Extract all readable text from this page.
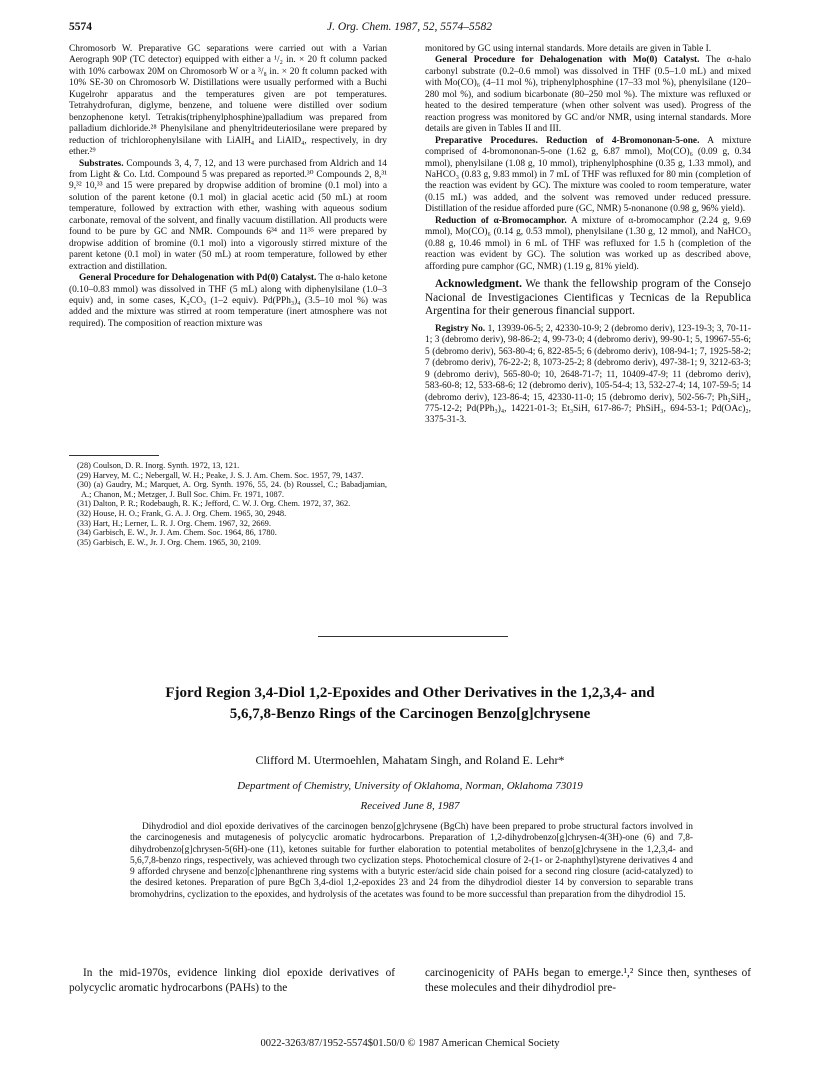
5574	J. Org. Chem. 1987, 52, 5574–5582

Chromosorb W. Preparative GC separations were carried out with a Varian Aerograph 90P (TC detector) equipped with either a ¹/₂ in. × 20 ft column packed with 10% carbowax 20M on Chromosorb W or a ³/₈ in. × 20 ft column packed with 10% SE-30 on Chromosorb W. Distillations were usually performed with a Buchi Kugelrohr apparatus and the temperatures given are pot temperatures. Tetrahydrofuran, diglyme, benzene, and toluene were distilled over sodium benzophenone ketyl. Tetrakis(triphenylphosphine)palladium was prepared from palladium dichloride.²⁸ Phenylsilane and phenyltrideuteriosilane were prepared by reduction of trichlorophenylsilane with LiAlH₄ and LiAlD₄, respectively, in dry ether.²⁹

Substrates. Compounds 3, 4, 7, 12, and 13 were purchased from Aldrich and 14 from Light & Co. Ltd. Compound 5 was prepared as reported.³⁰ Compounds 2, 8,³¹ 9,³² 10,³³ and 15 were prepared by dropwise addition of bromine (0.1 mol) into a solution of the parent ketone (0.1 mol) in glacial acetic acid (50 mL) at room temperature, followed by extraction with ether, washing with aqueous sodium carbonate, removal of the solvent, and finally vacuum distillation. All products were found to be pure by GC and NMR. Compounds 6³⁴ and 11³⁵ were prepared by dropwise addition of bromine (0.1 mol) into a vigorously stirred mixture of the parent ketone (0.1 mol) in water (50 mL) at room temperature, followed by ether extraction and distillation.

General Procedure for Dehalogenation with Pd(0) Catalyst. The α-halo ketone (0.10–0.83 mmol) was dissolved in THF (5 mL) along with diphenylsilane (1.0–3 equiv) and, in some cases, K₂CO₃ (1–2 equiv). Pd(PPh₃)₄ (3.5–10 mol %) was added and the mixture was stirred at room temperature (inert atmosphere was not required). The composition of reaction mixture was

monitored by GC using internal standards. More details are given in Table I.

General Procedure for Dehalogenation with Mo(0) Catalyst. The α-halo carbonyl substrate (0.2–0.6 mmol) was dissolved in THF (0.5–1.0 mL) and mixed with Mo(CO)₆ (4–11 mol %), triphenylphosphine (17–33 mol %), phenylsilane (120–280 mol %), and sodium bicarbonate (80–250 mol %). The mixture was refluxed or heated to the desired temperature (when other solvent was used). Progress of the reaction progress was monitored by GC and/or NMR, using internal standards. More details are given in Tables II and III.

Preparative Procedures. Reduction of 4-Bromononan-5-one. A mixture comprised of 4-bromononan-5-one (1.62 g, 6.87 mmol), Mo(CO)₆ (0.09 g, 0.34 mmol), phenylsilane (1.08 g, 10 mmol), triphenylphosphine (0.35 g, 1.33 mmol), and NaHCO₃ (0.83 g, 9.83 mmol) in 7 mL of THF was refluxed for 80 min (completion of the reaction was evident by GC). The mixture was cooled to room temperature, water (0.15 mL) was added, and the solvent was removed under reduced pressure. Distillation of the residue afforded pure (GC, NMR) 5-nonanone (0.98 g, 96% yield).

Reduction of α-Bromocamphor. A mixture of α-bromocamphor (2.24 g, 9.69 mmol), Mo(CO)₆ (0.14 g, 0.53 mmol), phenylsilane (1.30 g, 12 mmol), and NaHCO₃ (0.88 g, 10.46 mmol) in 6 mL of THF was refluxed for 1.5 h (completion of the reaction was evident by GC). The solution was worked up as described above, affording pure camphor (GC, NMR) (1.19 g, 81% yield).

Acknowledgment. We thank the fellowship program of the Consejo Nacional de Investigaciones Cientificas y Tecnicas de la Republica Argentina for their generous financial support.

Registry No. 1, 13939-06-5; 2, 42330-10-9; 2 (debromo deriv), 123-19-3; 3, 70-11-1; 3 (debromo deriv), 98-86-2; 4, 99-73-0; 4 (debromo deriv), 99-90-1; 5, 19967-55-6; 5 (debromo deriv), 563-80-4; 6, 822-85-5; 6 (debromo deriv), 108-94-1; 7, 1925-58-2; 7 (debromo deriv), 76-22-2; 8, 1073-25-2; 8 (debromo deriv), 497-38-1; 9, 3212-63-3; 9 (debromo deriv), 565-80-0; 10, 2648-71-7; 11, 10409-47-9; 11 (debromo deriv), 583-60-8; 12, 533-68-6; 12 (debromo deriv), 105-54-4; 13, 532-27-4; 14, 107-59-5; 14 (debromo deriv), 123-86-4; 15, 42330-11-0; 15 (debromo deriv), 502-56-7; Ph₂SiH₂, 775-12-2; Pd(PPh₃)₄, 14221-01-3; Et₃SiH, 617-86-7; PhSiH₃, 694-53-1; Pd(OAc)₂, 3375-31-3.

(28) Coulson, D. R. Inorg. Synth. 1972, 13, 121.
(29) Harvey, M. C.; Nebergall, W. H.; Peake, J. S. J. Am. Chem. Soc. 1957, 79, 1437.
(30) (a) Gaudry, M.; Marquet, A. Org. Synth. 1976, 55, 24. (b) Roussel, C.; Babadjamian, A.; Chanon, M.; Metzger, J. Bull Soc. Chim. Fr. 1971, 1087.
(31) Dalton, P. R.; Rodebaugh, R. K.; Jefford, C. W. J. Org. Chem. 1972, 37, 362.
(32) House, H. O.; Frank, G. A. J. Org. Chem. 1965, 30, 2948.
(33) Hart, H.; Lerner, L. R. J. Org. Chem. 1967, 32, 2669.
(34) Garbisch, E. W., Jr. J. Am. Chem. Soc. 1964, 86, 1780.
(35) Garbisch, E. W., Jr. J. Org. Chem. 1965, 30, 2109.
Fjord Region 3,4-Diol 1,2-Epoxides and Other Derivatives in the 1,2,3,4- and
5,6,7,8-Benzo Rings of the Carcinogen Benzo[g]chrysene
Clifford M. Utermoehlen, Mahatam Singh, and Roland E. Lehr*
Department of Chemistry, University of Oklahoma, Norman, Oklahoma 73019
Received June 8, 1987
Dihydrodiol and diol epoxide derivatives of the carcinogen benzo[g]chrysene (BgCh) have been prepared to probe structural factors involved in the carcinogenesis and mutagenesis of polycyclic aromatic hydrocarbons. Preparation of 1,2-dihydrobenzo[g]chrysen-4(3H)-one (6) and 7,8-dihydrobenzo[g]chrysen-5(6H)-one (11), ketones suitable for further elaboration to potential metabolites of benzo[g]chrysene in the 1,2,3,4- and 5,6,7,8-benzo rings, respectively, was achieved through two cyclization steps. Photochemical closure of 2-(1- or 2-naphthyl)styrene derivatives 4 and 9 afforded chrysene and benzo[c]phenanthrene ring systems with a butyric ester/acid side chain poised for a second ring closure (acid-catalyzed) to the desired ketones. Preparation of pure BgCh 3,4-diol 1,2-epoxides 23 and 24 from the dihydrodiol diester 14 by conversion to separable trans bromohydrins, cyclization to the epoxides, and hydrolysis of the acetates was found to be more successful than preparation from the dihydrodiol 15.
In the mid-1970s, evidence linking diol epoxide derivatives of polycyclic aromatic hydrocarbons (PAHs) to the
carcinogenicity of PAHs began to emerge.¹,² Since then, syntheses of these molecules and their dihydrodiol pre-
0022-3263/87/1952-5574$01.50/0 © 1987 American Chemical Society
